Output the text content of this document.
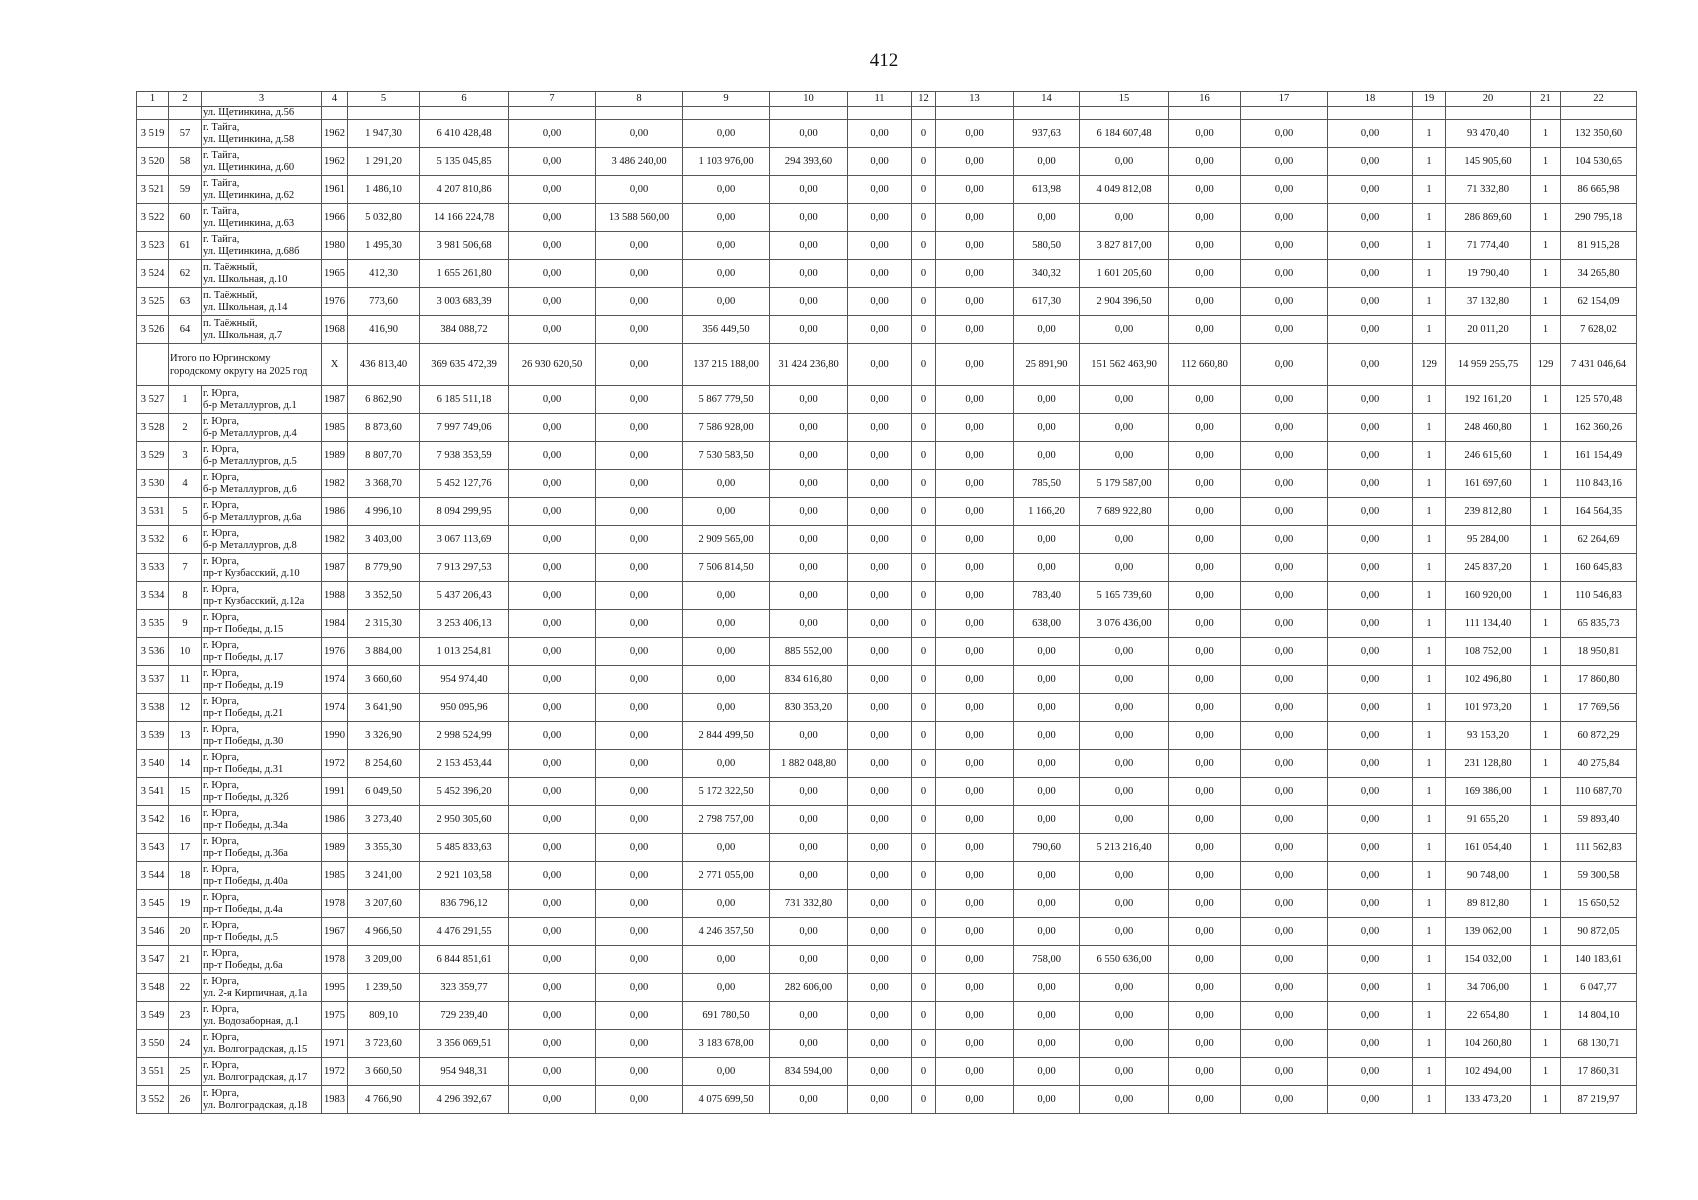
412
1	2	3	4	5	6	7	8	9	10	11	12	13	14	15	16	17	18	19	20	21	22
		ул. Щетинкина, д.56																			
3 519	57	г. Тайга,
ул. Щетинкина, д.58	1962	1 947,30	6 410 428,48	0,00	0,00	0,00	0,00	0,00	0	0,00	937,63	6 184 607,48	0,00	0,00	0,00	1	93 470,40	1	132 350,60
3 520	58	г. Тайга,
ул. Щетинкина, д.60	1962	1 291,20	5 135 045,85	0,00	3 486 240,00	1 103 976,00	294 393,60	0,00	0	0,00	0,00	0,00	0,00	0,00	0,00	1	145 905,60	1	104 530,65
3 521	59	г. Тайга,
ул. Щетинкина, д.62	1961	1 486,10	4 207 810,86	0,00	0,00	0,00	0,00	0,00	0	0,00	613,98	4 049 812,08	0,00	0,00	0,00	1	71 332,80	1	86 665,98
3 522	60	г. Тайга,
ул. Щетинкина, д.63	1966	5 032,80	14 166 224,78	0,00	13 588 560,00	0,00	0,00	0,00	0	0,00	0,00	0,00	0,00	0,00	0,00	1	286 869,60	1	290 795,18
3 523	61	г. Тайга,
ул. Щетинкина, д.68б	1980	1 495,30	3 981 506,68	0,00	0,00	0,00	0,00	0,00	0	0,00	580,50	3 827 817,00	0,00	0,00	0,00	1	71 774,40	1	81 915,28
3 524	62	п. Таёжный,
ул. Школьная, д.10	1965	412,30	1 655 261,80	0,00	0,00	0,00	0,00	0,00	0	0,00	340,32	1 601 205,60	0,00	0,00	0,00	1	19 790,40	1	34 265,80
3 525	63	п. Таёжный,
ул. Школьная, д.14	1976	773,60	3 003 683,39	0,00	0,00	0,00	0,00	0,00	0	0,00	617,30	2 904 396,50	0,00	0,00	0,00	1	37 132,80	1	62 154,09
3 526	64	п. Таёжный,
ул. Школьная, д.7	1968	416,90	384 088,72	0,00	0,00	356 449,50	0,00	0,00	0	0,00	0,00	0,00	0,00	0,00	0,00	1	20 011,20	1	7 628,02
	Итого по Юргинскому городскому округу на 2025 год		X	436 813,40	369 635 472,39	26 930 620,50	0,00	137 215 188,00	31 424 236,80	0,00	0	0,00	25 891,90	151 562 463,90	112 660,80	0,00	0,00	129	14 959 255,75	129	7 431 046,64
3 527	1	г. Юрга,
б-р Металлургов, д.1	1987	6 862,90	6 185 511,18	0,00	0,00	5 867 779,50	0,00	0,00	0	0,00	0,00	0,00	0,00	0,00	0,00	1	192 161,20	1	125 570,48
3 528	2	г. Юрга,
б-р Металлургов, д.4	1985	8 873,60	7 997 749,06	0,00	0,00	7 586 928,00	0,00	0,00	0	0,00	0,00	0,00	0,00	0,00	0,00	1	248 460,80	1	162 360,26
3 529	3	г. Юрга,
б-р Металлургов, д.5	1989	8 807,70	7 938 353,59	0,00	0,00	7 530 583,50	0,00	0,00	0	0,00	0,00	0,00	0,00	0,00	0,00	1	246 615,60	1	161 154,49
3 530	4	г. Юрга,
б-р Металлургов, д.6	1982	3 368,70	5 452 127,76	0,00	0,00	0,00	0,00	0,00	0	0,00	785,50	5 179 587,00	0,00	0,00	0,00	1	161 697,60	1	110 843,16
3 531	5	г. Юрга,
б-р Металлургов, д.6а	1986	4 996,10	8 094 299,95	0,00	0,00	0,00	0,00	0,00	0	0,00	1 166,20	7 689 922,80	0,00	0,00	0,00	1	239 812,80	1	164 564,35
3 532	6	г. Юрга,
б-р Металлургов, д.8	1982	3 403,00	3 067 113,69	0,00	0,00	2 909 565,00	0,00	0,00	0	0,00	0,00	0,00	0,00	0,00	0,00	1	95 284,00	1	62 264,69
3 533	7	г. Юрга,
пр-т Кузбасский, д.10	1987	8 779,90	7 913 297,53	0,00	0,00	7 506 814,50	0,00	0,00	0	0,00	0,00	0,00	0,00	0,00	0,00	1	245 837,20	1	160 645,83
3 534	8	г. Юрга,
пр-т Кузбасский, д.12а	1988	3 352,50	5 437 206,43	0,00	0,00	0,00	0,00	0,00	0	0,00	783,40	5 165 739,60	0,00	0,00	0,00	1	160 920,00	1	110 546,83
3 535	9	г. Юрга,
пр-т Победы, д.15	1984	2 315,30	3 253 406,13	0,00	0,00	0,00	0,00	0,00	0	0,00	638,00	3 076 436,00	0,00	0,00	0,00	1	111 134,40	1	65 835,73
3 536	10	г. Юрга,
пр-т Победы, д.17	1976	3 884,00	1 013 254,81	0,00	0,00	0,00	885 552,00	0,00	0	0,00	0,00	0,00	0,00	0,00	0,00	1	108 752,00	1	18 950,81
3 537	11	г. Юрга,
пр-т Победы, д.19	1974	3 660,60	954 974,40	0,00	0,00	0,00	834 616,80	0,00	0	0,00	0,00	0,00	0,00	0,00	0,00	1	102 496,80	1	17 860,80
3 538	12	г. Юрга,
пр-т Победы, д.21	1974	3 641,90	950 095,96	0,00	0,00	0,00	830 353,20	0,00	0	0,00	0,00	0,00	0,00	0,00	0,00	1	101 973,20	1	17 769,56
3 539	13	г. Юрга,
пр-т Победы, д.30	1990	3 326,90	2 998 524,99	0,00	0,00	2 844 499,50	0,00	0,00	0	0,00	0,00	0,00	0,00	0,00	0,00	1	93 153,20	1	60 872,29
3 540	14	г. Юрга,
пр-т Победы, д.31	1972	8 254,60	2 153 453,44	0,00	0,00	0,00	1 882 048,80	0,00	0	0,00	0,00	0,00	0,00	0,00	0,00	1	231 128,80	1	40 275,84
3 541	15	г. Юрга,
пр-т Победы, д.32б	1991	6 049,50	5 452 396,20	0,00	0,00	5 172 322,50	0,00	0,00	0	0,00	0,00	0,00	0,00	0,00	0,00	1	169 386,00	1	110 687,70
3 542	16	г. Юрга,
пр-т Победы, д.34а	1986	3 273,40	2 950 305,60	0,00	0,00	2 798 757,00	0,00	0,00	0	0,00	0,00	0,00	0,00	0,00	0,00	1	91 655,20	1	59 893,40
3 543	17	г. Юрга,
пр-т Победы, д.36а	1989	3 355,30	5 485 833,63	0,00	0,00	0,00	0,00	0,00	0	0,00	790,60	5 213 216,40	0,00	0,00	0,00	1	161 054,40	1	111 562,83
3 544	18	г. Юрга,
пр-т Победы, д.40а	1985	3 241,00	2 921 103,58	0,00	0,00	2 771 055,00	0,00	0,00	0	0,00	0,00	0,00	0,00	0,00	0,00	1	90 748,00	1	59 300,58
3 545	19	г. Юрга,
пр-т Победы, д.4а	1978	3 207,60	836 796,12	0,00	0,00	0,00	731 332,80	0,00	0	0,00	0,00	0,00	0,00	0,00	0,00	1	89 812,80	1	15 650,52
3 546	20	г. Юрга,
пр-т Победы, д.5	1967	4 966,50	4 476 291,55	0,00	0,00	4 246 357,50	0,00	0,00	0	0,00	0,00	0,00	0,00	0,00	0,00	1	139 062,00	1	90 872,05
3 547	21	г. Юрга,
пр-т Победы, д.6а	1978	3 209,00	6 844 851,61	0,00	0,00	0,00	0,00	0,00	0	0,00	758,00	6 550 636,00	0,00	0,00	0,00	1	154 032,00	1	140 183,61
3 548	22	г. Юрга,
ул. 2-я Кирпичная, д.1а	1995	1 239,50	323 359,77	0,00	0,00	0,00	282 606,00	0,00	0	0,00	0,00	0,00	0,00	0,00	0,00	1	34 706,00	1	6 047,77
3 549	23	г. Юрга,
ул. Водозаборная, д.1	1975	809,10	729 239,40	0,00	0,00	691 780,50	0,00	0,00	0	0,00	0,00	0,00	0,00	0,00	0,00	1	22 654,80	1	14 804,10
3 550	24	г. Юрга,
ул. Волгоградская, д.15	1971	3 723,60	3 356 069,51	0,00	0,00	3 183 678,00	0,00	0,00	0	0,00	0,00	0,00	0,00	0,00	0,00	1	104 260,80	1	68 130,71
3 551	25	г. Юрга,
ул. Волгоградская, д.17	1972	3 660,50	954 948,31	0,00	0,00	0,00	834 594,00	0,00	0	0,00	0,00	0,00	0,00	0,00	0,00	1	102 494,00	1	17 860,31
3 552	26	г. Юрга,
ул. Волгоградская, д.18	1983	4 766,90	4 296 392,67	0,00	0,00	4 075 699,50	0,00	0,00	0	0,00	0,00	0,00	0,00	0,00	0,00	1	133 473,20	1	87 219,97
